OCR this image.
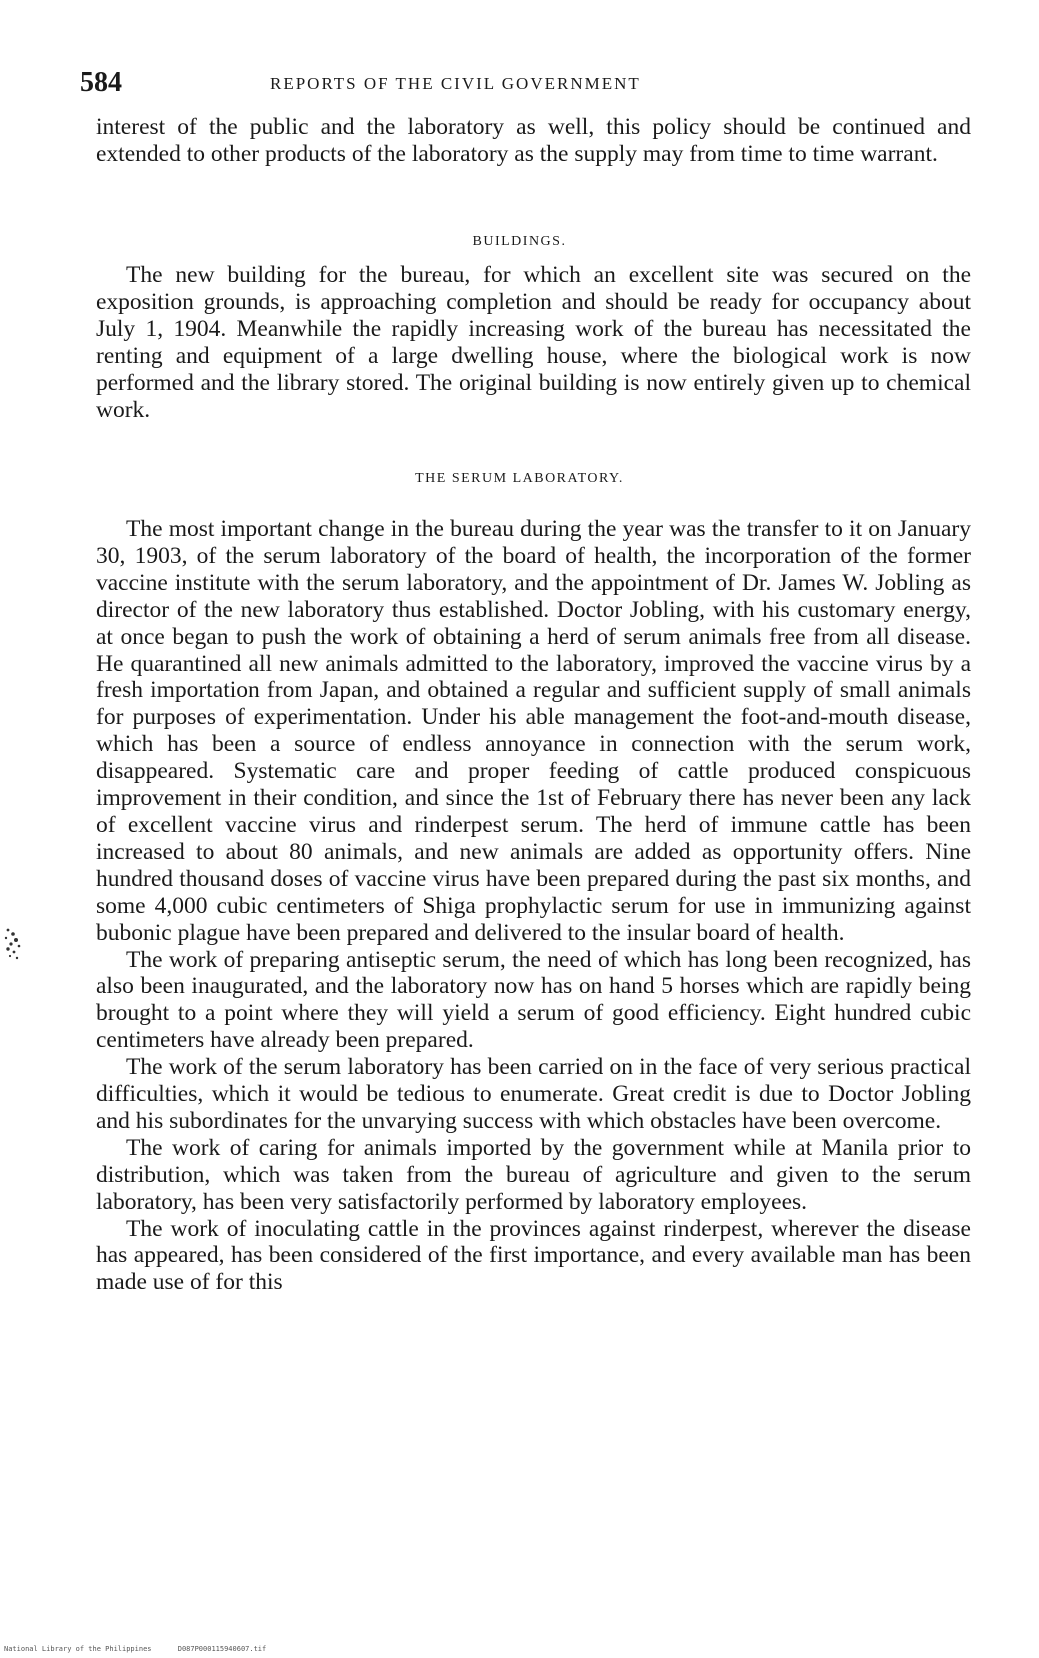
584	REPORTS OF THE CIVIL GOVERNMENT

interest of the public and the laboratory as well, this policy should be continued and extended to other products of the laboratory as the supply may from time to time warrant.

BUILDINGS.

The new building for the bureau, for which an excellent site was secured on the exposition grounds, is approaching completion and should be ready for occupancy about July 1, 1904. Meanwhile the rapidly increasing work of the bureau has necessitated the renting and equipment of a large dwelling house, where the biological work is now performed and the library stored. The original building is now entirely given up to chemical work.

THE SERUM LABORATORY.

The most important change in the bureau during the year was the transfer to it on January 30, 1903, of the serum laboratory of the board of health, the incorporation of the former vaccine institute with the serum laboratory, and the appointment of Dr. James W. Jobling as director of the new laboratory thus established. Doctor Jobling, with his customary energy, at once began to push the work of obtaining a herd of serum animals free from all disease. He quarantined all new animals admitted to the laboratory, improved the vaccine virus by a fresh importation from Japan, and obtained a regular and sufficient supply of small animals for purposes of experimentation. Under his able management the foot-and-mouth disease, which has been a source of endless annoyance in connection with the serum work, disappeared. Systematic care and proper feeding of cattle produced conspicuous improvement in their condition, and since the 1st of February there has never been any lack of excellent vaccine virus and rinderpest serum. The herd of immune cattle has been increased to about 80 animals, and new animals are added as opportunity offers. Nine hundred thousand doses of vaccine virus have been prepared during the past six months, and some 4,000 cubic centimeters of Shiga prophylactic serum for use in immunizing against bubonic plague have been prepared and delivered to the insular board of health.

The work of preparing antiseptic serum, the need of which has long been recognized, has also been inaugurated, and the laboratory now has on hand 5 horses which are rapidly being brought to a point where they will yield a serum of good efficiency. Eight hundred cubic centimeters have already been prepared.

The work of the serum laboratory has been carried on in the face of very serious practical difficulties, which it would be tedious to enumerate. Great credit is due to Doctor Jobling and his subordinates for the unvarying success with which obstacles have been overcome.

The work of caring for animals imported by the government while at Manila prior to distribution, which was taken from the bureau of agriculture and given to the serum laboratory, has been very satisfactorily performed by laboratory employees.

The work of inoculating cattle in the provinces against rinderpest, wherever the disease has appeared, has been considered of the first importance, and every available man has been made use of for this

National Library of the Philippines	D087P000115940607.tif
